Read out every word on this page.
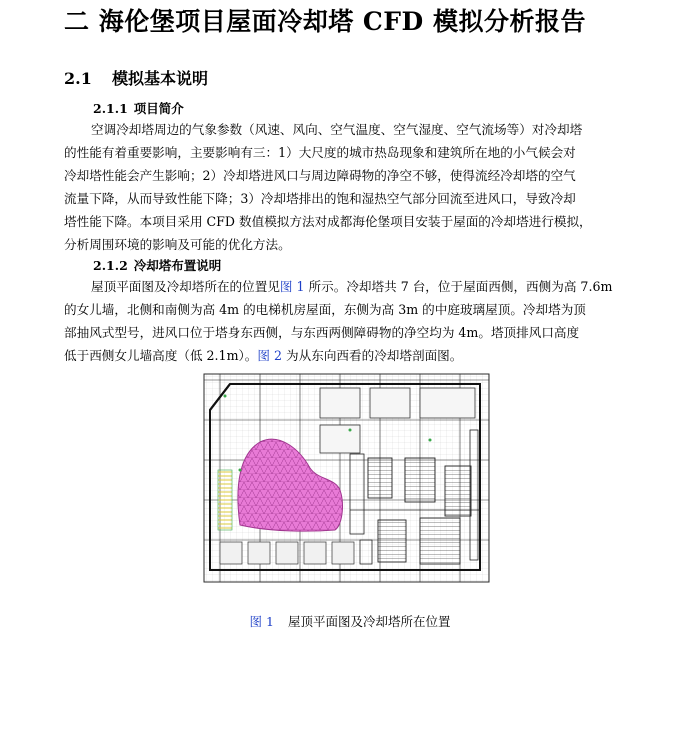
二 海伦堡项目屋面冷却塔 CFD 模拟分析报告
2.1 模拟基本说明
2.1.1 项目简介
空调冷却塔周边的气象参数（风速、风向、空气温度、空气湿度、空气流场等）对冷却塔
的性能有着重要影响，主要影响有三：1）大尺度的城市热岛现象和建筑所在地的小气候会对
冷却塔性能会产生影响；2）冷却塔进风口与周边障碍物的净空不够，使得流经冷却塔的空气
流量下降，从而导致性能下降；3）冷却塔排出的饱和湿热空气部分回流至进风口，导致冷却
塔性能下降。本项目采用 CFD 数值模拟方法对成都海伦堡项目安装于屋面的冷却塔进行模拟，
分析周围环境的影响及可能的优化方法。
2.1.2 冷却塔布置说明
屋顶平面图及冷却塔所在的位置见图 1 所示。冷却塔共 7 台，位于屋面西侧，西侧为高 7.6m
的女儿墙，北侧和南侧为高 4m 的电梯机房屋面，东侧为高 3m 的中庭玻璃屋顶。冷却塔为顶
部抽风式型号，进风口位于塔身东西侧，与东西两侧障碍物的净空均为 4m。塔顶排风口高度
低于西侧女儿墙高度（低 2.1m）。图 2 为从东向西看的冷却塔剖面图。
图 1 屋顶平面图及冷却塔所在位置
